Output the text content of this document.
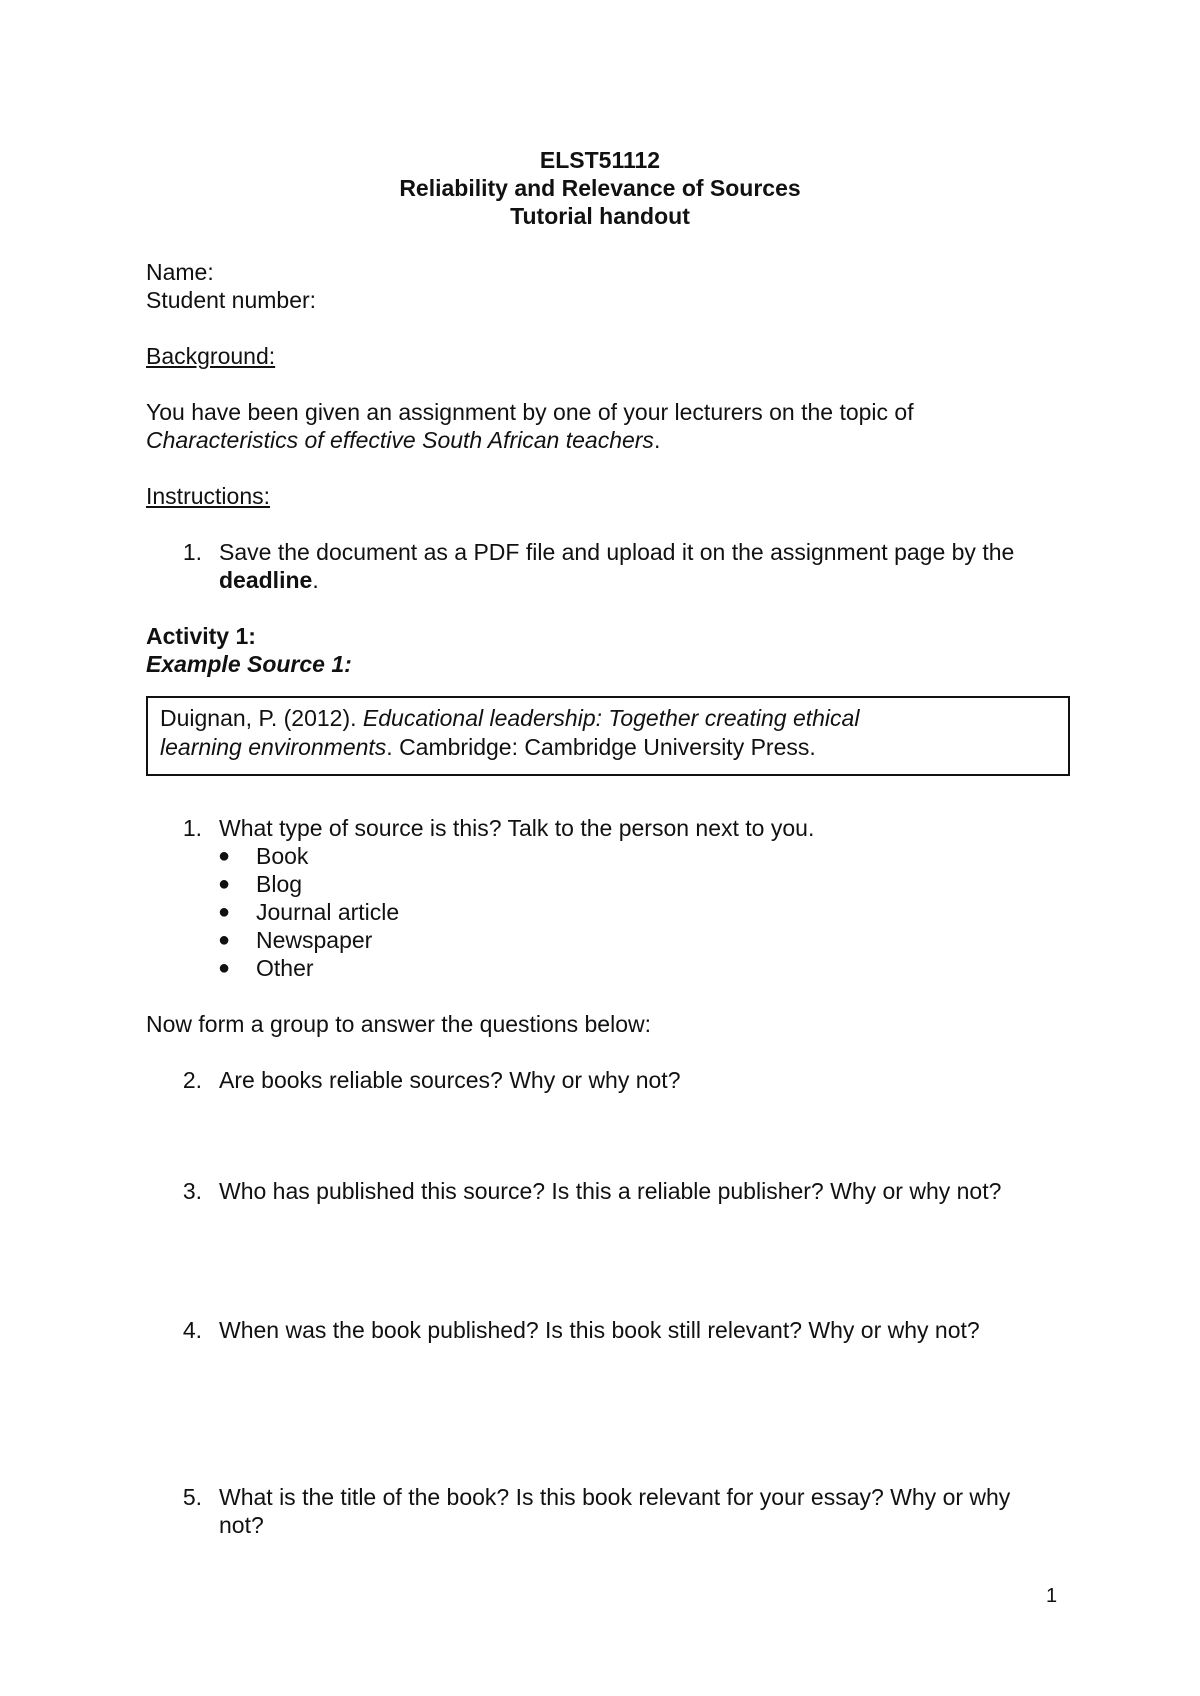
ELST51112
Reliability and Relevance of Sources
Tutorial handout
Name:
Student number:
Background:
You have been given an assignment by one of your lecturers on the topic of
Characteristics of effective South African teachers.
Instructions:
1. Save the document as a PDF file and upload it on the assignment page by the
deadline.
Activity 1:
Example Source 1:
Duignan, P. (2012). Educational leadership: Together creating ethical
learning environments. Cambridge: Cambridge University Press.
1. What type of source is this? Talk to the person next to you.
● Book
● Blog
● Journal article
● Newspaper
● Other
Now form a group to answer the questions below:
2. Are books reliable sources? Why or why not?
3. Who has published this source? Is this a reliable publisher? Why or why not?
4. When was the book published? Is this book still relevant? Why or why not?
5. What is the title of the book? Is this book relevant for your essay? Why or why
not?
1
